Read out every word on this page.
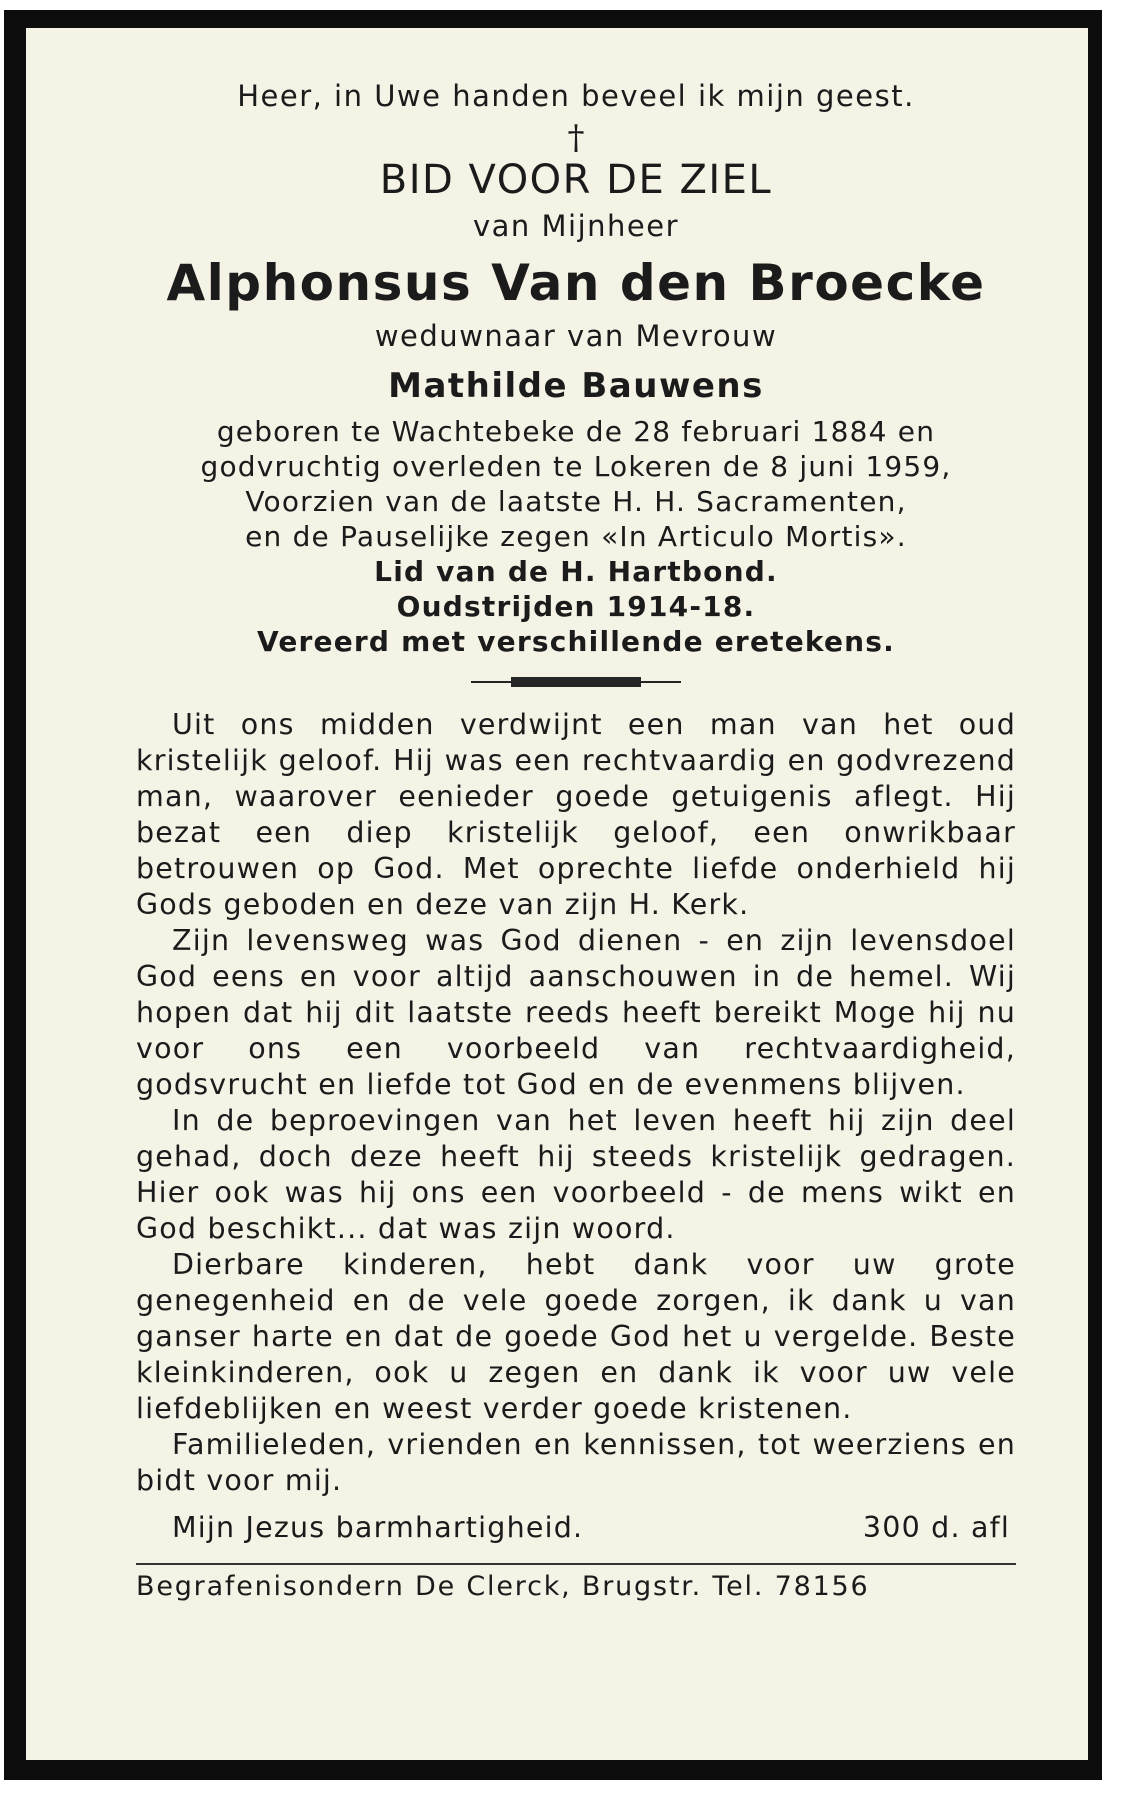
Heer, in Uwe handen beveel ik mijn geest.

†

BID VOOR DE ZIEL

van Mijnheer

Alphonsus Van den Broecke

weduwnaar van Mevrouw

Mathilde Bauwens

geboren te Wachtebeke de 28 februari 1884 en

godvruchtig overleden te Lokeren de 8 juni 1959,

Voorzien van de laatste H. H. Sacramenten,

en de Pauselijke zegen «In Articulo Mortis».

Lid van de H. Hartbond.

Oudstrijden 1914-18.

Vereerd met verschillende eretekens.

Uit ons midden verdwijnt een man van het oud kristelijk geloof. Hij was een rechtvaardig en godvrezend man, waarover eenieder goede getuigenis aflegt. Hij bezat een diep kristelijk geloof, een onwrikbaar betrouwen op God. Met oprechte liefde onderhield hij Gods geboden en deze van zijn H. Kerk.

Zijn levensweg was God dienen - en zijn levensdoel God eens en voor altijd aanschouwen in de hemel. Wij hopen dat hij dit laatste reeds heeft bereikt Moge hij nu voor ons een voorbeeld van rechtvaardigheid, godsvrucht en liefde tot God en de evenmens blijven.

In de beproevingen van het leven heeft hij zijn deel gehad, doch deze heeft hij steeds kristelijk gedragen. Hier ook was hij ons een voorbeeld - de mens wikt en God beschikt... dat was zijn woord.

Dierbare kinderen, hebt dank voor uw grote genegenheid en de vele goede zorgen, ik dank u van ganser harte en dat de goede God het u vergelde. Beste kleinkinderen, ook u zegen en dank ik voor uw vele liefdeblijken en weest verder goede kristenen.

Familieleden, vrienden en kennissen, tot weerziens en bidt voor mij.

Mijn Jezus barmhartigheid.	300 d. afl
Begrafenisondern De Clerck, Brugstr. Tel. 78156
